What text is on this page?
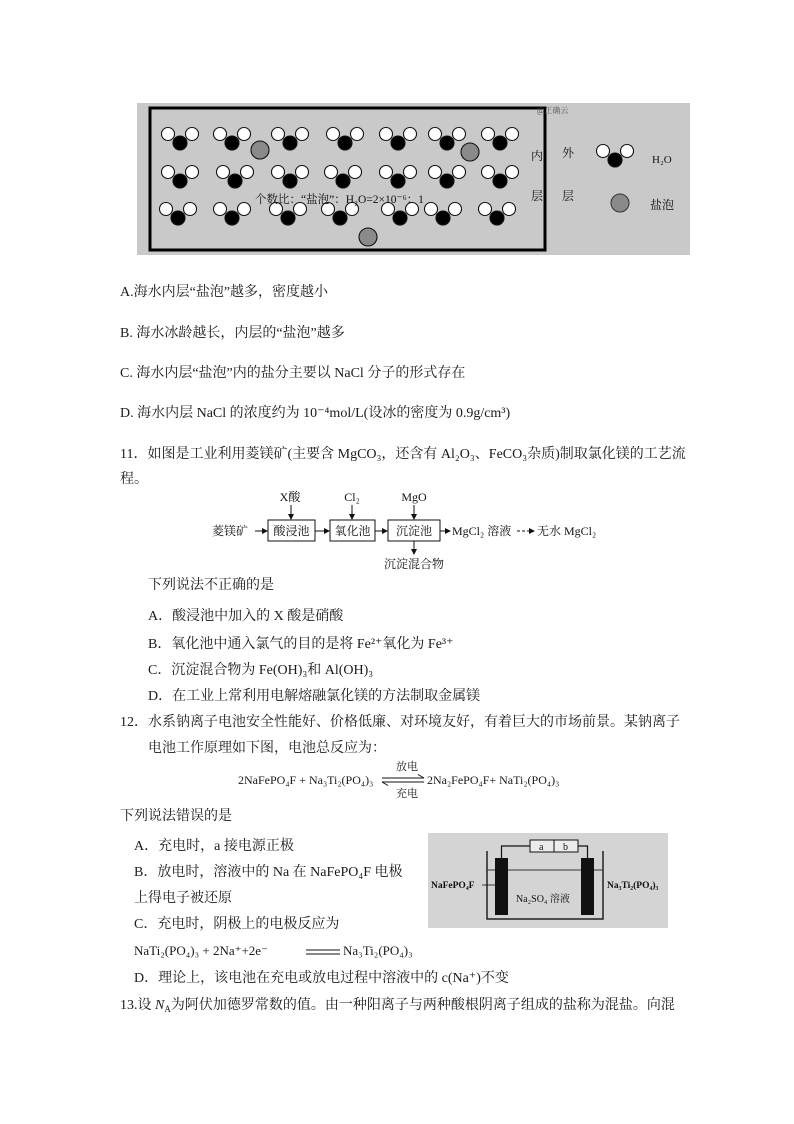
@正确云
个数比：“盐泡”：H₂O=2×10⁻⁶：1
内
层
外
层
H₂O
盐泡
A.海水内层“盐泡”越多，密度越小
B. 海水冰龄越长，内层的“盐泡”越多
C. 海水内层“盐泡”内的盐分主要以 NaCl 分子的形式存在
D. 海水内层 NaCl 的浓度约为 10⁻⁴mol/L(设冰的密度为 0.9g/cm³)
11．如图是工业利用菱镁矿(主要含 MgCO₃，还含有 Al₂O₃、FeCO₃杂质)制取氯化镁的工艺流
程。
X酸	Cl₂	MgO
菱镁矿 酸浸池 氧化池 沉淀池 MgCl₂ 溶液 无水 MgCl₂
沉淀混合物
下列说法不正确的是
A．酸浸池中加入的 X 酸是硝酸
B．氧化池中通入氯气的目的是将 Fe²⁺氧化为 Fe³⁺
C．沉淀混合物为 Fe(OH)₃和 Al(OH)₃
D．在工业上常利用电解熔融氯化镁的方法制取金属镁
12．水系钠离子电池安全性能好、价格低廉、对环境友好，有着巨大的市场前景。某钠离子
电池工作原理如下图，电池总反应为：
2NaFePO₄F + Na₃Ti₂(PO₄)₃
放电
充电
2Na₂FePO₄F+ NaTi₂(PO₄)₃
下列说法错误的是
A．充电时，a 接电源正极
B．放电时，溶液中的 Na 在 NaFePO₄F 电极
上得电子被还原
C．充电时，阴极上的电极反应为
NaTi₂(PO₄)₃ + 2Na⁺+2e⁻	Na₃Ti₂(PO₄)₃
D．理论上，该电池在充电或放电过程中溶液中的 c(Na⁺)不变
a b
NaFePO₄F	Na₃Ti₂(PO₄)₃
Na₂SO₄ 溶液
13.设 $N_A$为阿伏加德罗常数的值。由一种阳离子与两种酸根阴离子组成的盐称为混盐。向混
